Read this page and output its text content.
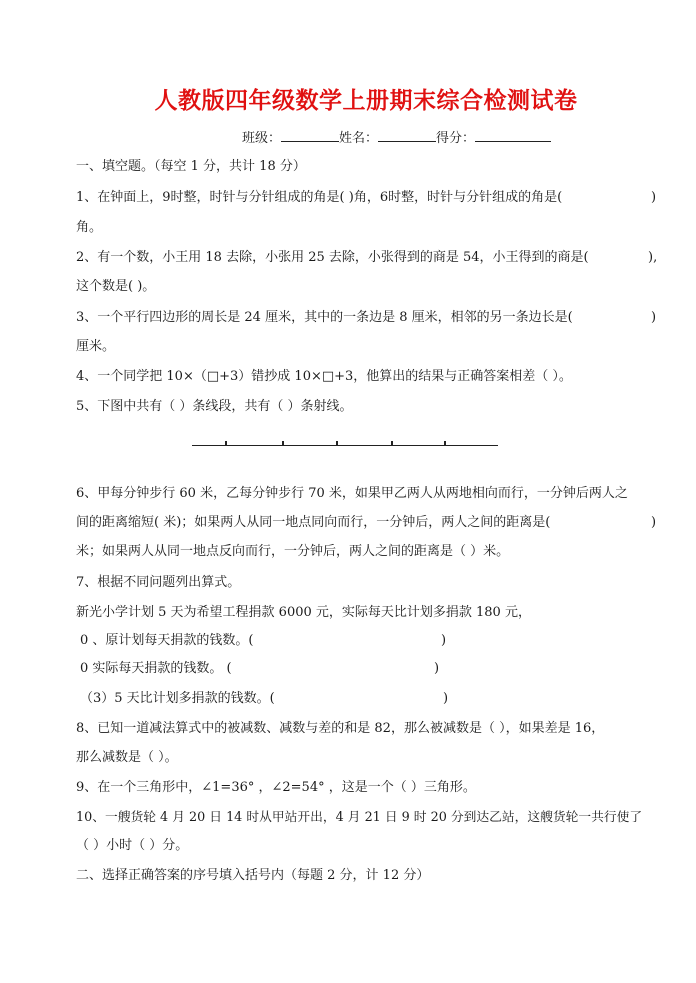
人教版四年级数学上册期末综合检测试卷
班级：	姓名：	得分：
一、填空题。（每空 1 分，共计 18 分）
1、在钟面上，9时整，时针与分针组成的角是( )角，6时整，时针与分针组成的角是(	)
角。
2、有一个数，小王用 18 去除，小张用 25 去除，小张得到的商是 54，小王得到的商是(	),
这个数是( )。
3、一个平行四边形的周长是 24 厘米，其中的一条边是 8 厘米，相邻的另一条边长是(	)
厘米。
4、一个同学把 10×（□+3）错抄成 10×□+3，他算出的结果与正确答案相差（ ）。
5、下图中共有（ ）条线段，共有（ ）条射线。
6、甲每分钟步行 60 米，乙每分钟步行 70 米，如果甲乙两人从两地相向而行，一分钟后两人之
间的距离缩短( 米)；如果两人从同一地点同向而行，一分钟后，两人之间的距离是(	)
米；如果两人从同一地点反向而行，一分钟后，两人之间的距离是（ ）米。
7、根据不同问题列出算式。
新光小学计划 5 天为希望工程捐款 6000 元，实际每天比计划多捐款 180 元，
0 、原计划每天捐款的钱数。(	)
0 实际每天捐款的钱数。 (	)
（3）5 天比计划多捐款的钱数。(	)
8、已知一道减法算式中的被减数、减数与差的和是 82，那么被减数是（ ），如果差是 16，
那么减数是（ ）。
9、在一个三角形中，∠1=36° ，∠2=54° ，这是一个（ ）三角形。
10、一艘货轮 4 月 20 日 14 时从甲站开出，4 月 21 日 9 时 20 分到达乙站，这艘货轮一共行使了
（ ）小时（ ）分。
二、选择正确答案的序号填入括号内（每题 2 分，计 12 分）
